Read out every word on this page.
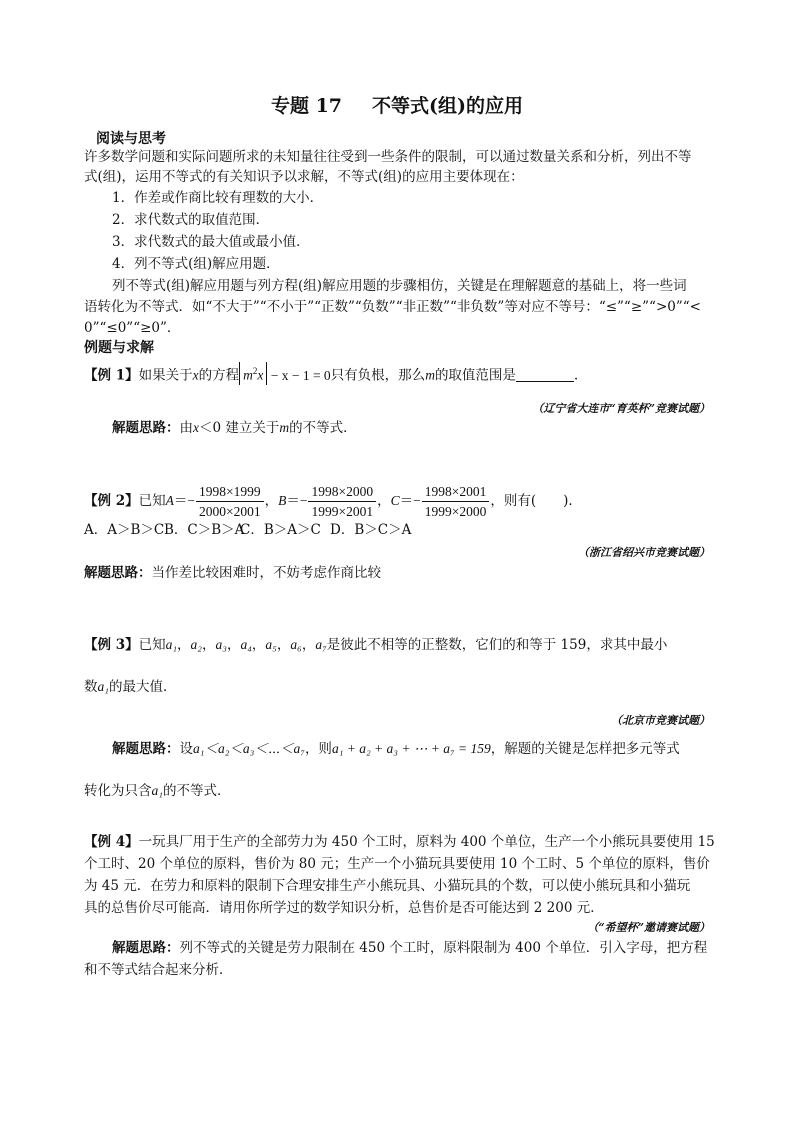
专题 17 不等式(组)的应用
阅读与思考
许多数学问题和实际问题所求的未知量往往受到一些条件的限制，可以通过数量关系和分析，列出不等
式(组)，运用不等式的有关知识予以求解，不等式(组)的应用主要体现在：
1．作差或作商比较有理数的大小．
2．求代数式的取值范围．
3．求代数式的最大值或最小值．
4．列不等式(组)解应用题．
列不等式(组)解应用题与列方程(组)解应用题的步骤相仿，关键是在理解题意的基础上，将一些词
语转化为不等式．如“不大于”“不小于”“正数”“负数”“非正数”“非负数”等对应不等号：“≤”“≥”“>0”“<
0”“≤0”“≥0”．
例题与求解
【例 1】如果关于x的方程 $m^2x - x - 1 = 0$只有负根，那么m的取值范围是	．
（辽宁省大连市“育英杯”竞赛试题）
解题思路：由x＜0 建立关于m的不等式．
【例 2】已知$A=- \frac{1998\times 1999}{2000\times 2001}$ ，$B=- \frac{1998\times 2000}{1999\times 2001}$ ，$C=- \frac{1998\times 2001}{1999\times 2000}$ ，则有(　　)．
A．A＞B＞CB．C＞B＞AC．B＞A＞C D．B＞C＞A
（浙江省绍兴市竞赛试题）
解题思路：当作差比较困难时，不妨考虑作商比较
【例 3】已知a₁，a₂，a₃，a₄，a₅，a₆，a₇是彼此不相等的正整数，它们的和等于 159，求其中最小
数a₁的最大值．
（北京市竞赛试题）
解题思路：设a₁＜a₂＜a₃＜⋯＜a₇，则a₁ + a₂ + a₃ + ⋯ + a₇ = 159，解题的关键是怎样把多元等式
转化为只含a₁的不等式．
【例 4】一玩具厂用于生产的全部劳力为 450 个工时，原料为 400 个单位，生产一个小熊玩具要使用 15
个工时、20 个单位的原料，售价为 80 元；生产一个小猫玩具要使用 10 个工时、5 个单位的原料，售价
为 45 元．在劳力和原料的限制下合理安排生产小熊玩具、小猫玩具的个数，可以使小熊玩具和小猫玩
具的总售价尽可能高．请用你所学过的数学知识分析，总售价是否可能达到 2 200 元．
（“希望杯”邀请赛试题）
解题思路：列不等式的关键是劳力限制在 450 个工时，原料限制为 400 个单位．引入字母，把方程
和不等式结合起来分析．
